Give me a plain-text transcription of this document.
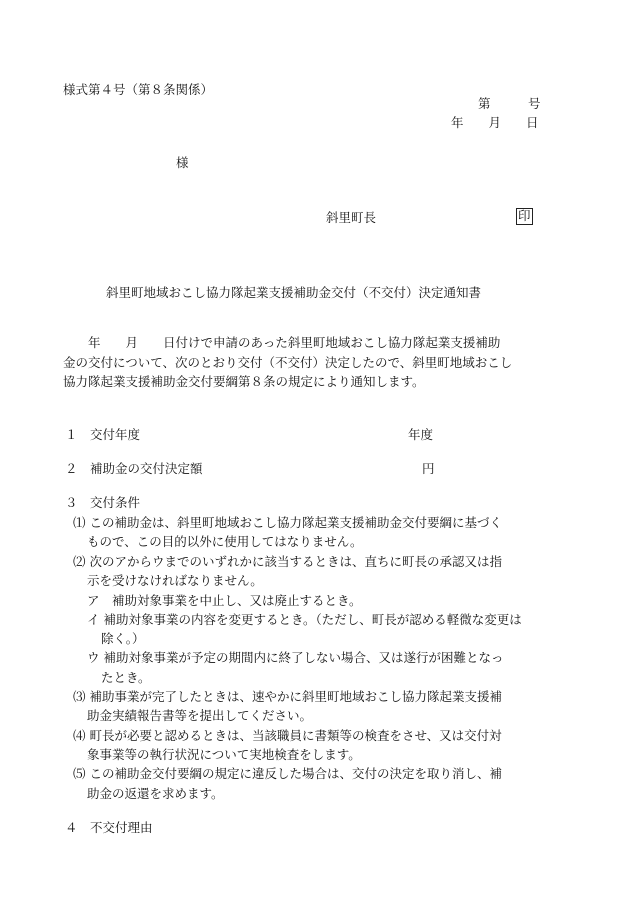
様式第４号（第８条関係）
第　　　号
年　　月　　日
様
斜里町長	印
斜里町地域おこし協力隊起業支援補助金交付（不交付）決定通知書
　　年　　月　　日付けで申請のあった斜里町地域おこし協力隊起業支援補助
金の交付について、次のとおり交付（不交付）決定したので、斜里町地域おこし
協力隊起業支援補助金交付要綱第８条の規定により通知します。
１　交付年度	年度
２　補助金の交付決定額	円
３　交付条件
⑴ この補助金は、斜里町地域おこし協力隊起業支援補助金交付要綱に基づく
もので、この目的以外に使用してはなりません。
⑵ 次のアからウまでのいずれかに該当するときは、直ちに町長の承認又は指
示を受けなければなりません。
ア　補助対象事業を中止し、又は廃止するとき。
イ 補助対象事業の内容を変更するとき。（ただし、町長が認める軽微な変更は
除く。）
ウ 補助対象事業が予定の期間内に終了しない場合、又は遂行が困難となっ
たとき。
⑶ 補助事業が完了したときは、速やかに斜里町地域おこし協力隊起業支援補
助金実績報告書等を提出してください。
⑷ 町長が必要と認めるときは、当該職員に書類等の検査をさせ、又は交付対
象事業等の執行状況について実地検査をします。
⑸ この補助金交付要綱の規定に違反した場合は、交付の決定を取り消し、補
助金の返還を求めます。
４　不交付理由
